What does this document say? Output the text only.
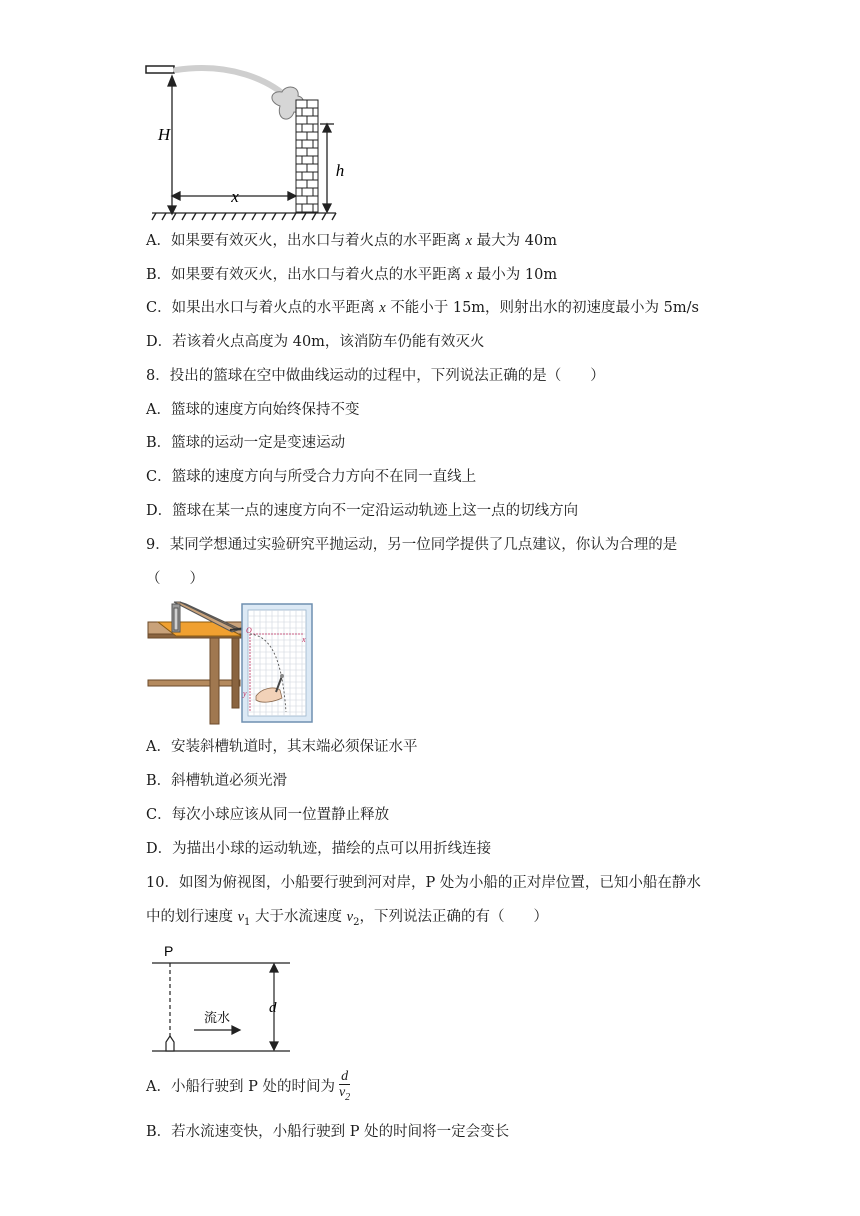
H
x
h
A．如果要有效灭火，出水口与着火点的水平距离 x 最大为 40m
B．如果要有效灭火，出水口与着火点的水平距离 x 最小为 10m
C．如果出水口与着火点的水平距离 x 不能小于 15m，则射出水的初速度最小为 5m/s
D．若该着火点高度为 40m，该消防车仍能有效灭火
8．投出的篮球在空中做曲线运动的过程中，下列说法正确的是（　　）
A．篮球的速度方向始终保持不变
B．篮球的运动一定是变速运动
C．篮球的速度方向与所受合力方向不在同一直线上
D．篮球在某一点的速度方向不一定沿运动轨迹上这一点的切线方向
9．某同学想通过实验研究平抛运动，另一位同学提供了几点建议，你认为合理的是
（　　）
O
x
y
A．安装斜槽轨道时，其末端必须保证水平
B．斜槽轨道必须光滑
C．每次小球应该从同一位置静止释放
D．为描出小球的运动轨迹，描绘的点可以用折线连接
10．如图为俯视图，小船要行驶到河对岸，P 处为小船的正对岸位置，已知小船在静水
中的划行速度 $v_1$ 大于水流速度 $v_2$，下列说法正确的有（　　）
P
d
流水
A．小船行驶到 P 处的时间为 $\frac{d}{v_2}$
B．若水流速变快，小船行驶到 P 处的时间将一定会变长
